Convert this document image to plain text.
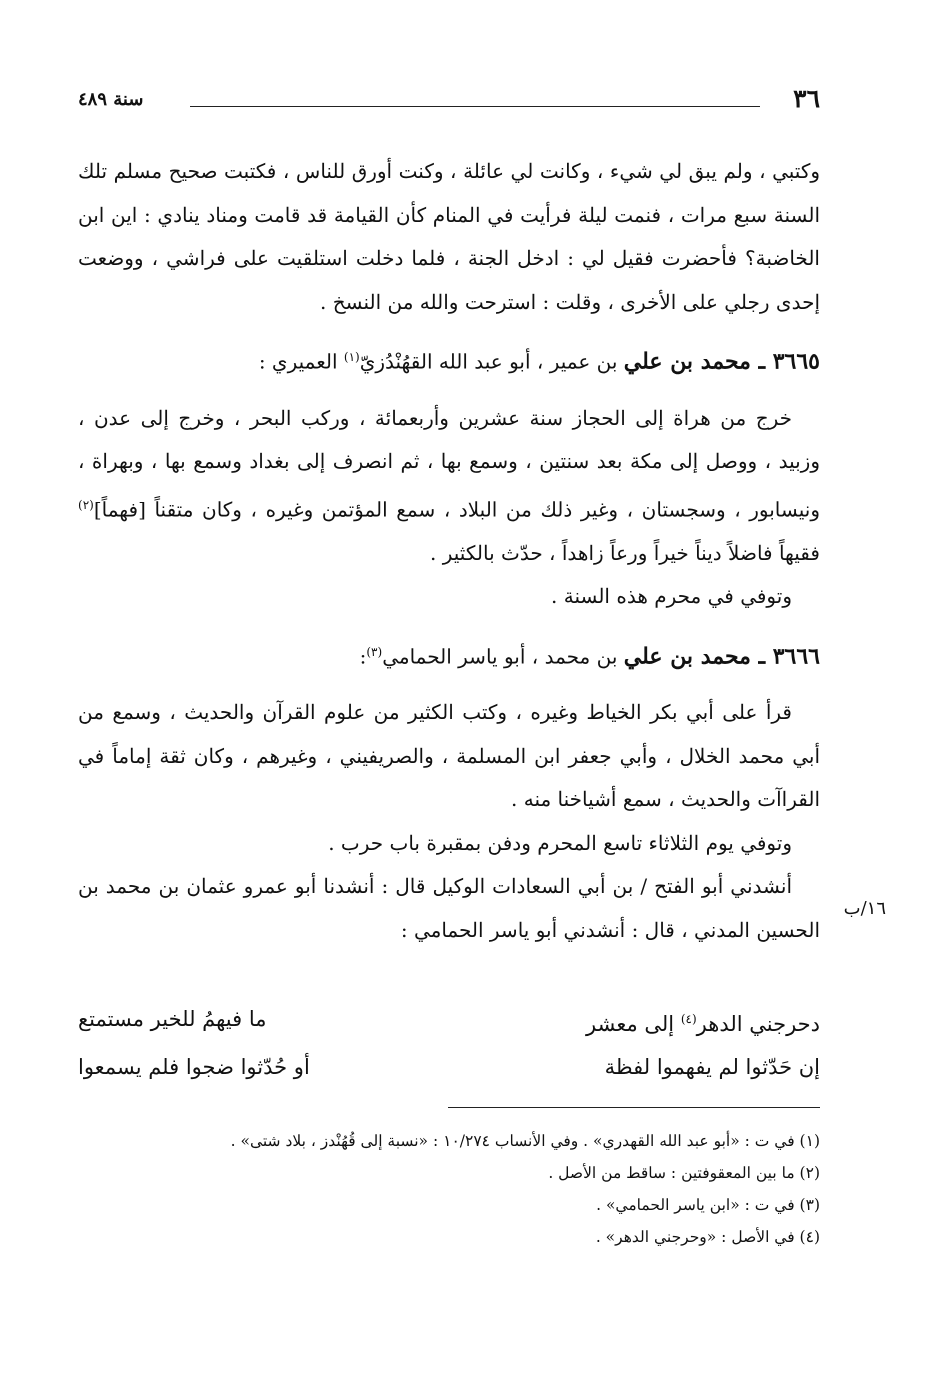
٣٦
سنة ٤٨٩

وكتبي ، ولم يبق لي شيء ، وكانت لي عائلة ، وكنت أورق للناس ، فكتبت صحيح مسلم تلك السنة سبع مرات ، فنمت ليلة فرأيت في المنام كأن القيامة قد قامت ومناد ينادي : اين ابن الخاضبة؟ فأحضرت فقيل لي : ادخل الجنة ، فلما دخلت استلقيت على فراشي ، ووضعت إحدى رجلي على الأخرى ، وقلت : استرحت والله من النسخ .

٣٦٦٥ ـ محمد بن علي بن عمير ، أبو عبد الله القهُنْدُزيّ$^{(١)}$ العميري :

خرج من هراة إلى الحجاز سنة عشرين وأربعمائة ، وركب البحر ، وخرج إلى عدن ، وزبيد ، ووصل إلى مكة بعد سنتين ، وسمع بها ، ثم انصرف إلى بغداد وسمع بها ، وبهراة ، ونيسابور ، وسجستان ، وغير ذلك من البلاد ، سمع المؤتمن وغيره ، وكان متقناً [فهماً]$^{(٢)}$ فقيهاً فاضلاً ديناً خيراً ورعاً زاهداً ، حدّث بالكثير .

وتوفي في محرم هذه السنة .

٣٦٦٦ ـ محمد بن علي بن محمد ، أبو ياسر الحمامي$^{(٣)}$:

قرأ على أبي بكر الخياط وغيره ، وكتب الكثير من علوم القرآن والحديث ، وسمع من أبي محمد الخلال ، وأبي جعفر ابن المسلمة ، والصريفيني ، وغيرهم ، وكان ثقة إماماً في القراآت والحديث ، سمع أشياخنا منه .

وتوفي يوم الثلاثاء تاسع المحرم ودفن بمقبرة باب حرب .

أنشدني أبو الفتح / بن أبي السعادات الوكيل قال : أنشدنا أبو عمرو عثمان بن محمد بن الحسين المدني ، قال : أنشدني أبو ياسر الحمامي :

١٦/ب
دحرجني الدهر$^{(٤)}$ إلى معشر
ما فيهمُ للخير مستمتع
إن حَدّثوا لم يفهموا لفظة
أو حُدّثوا ضجوا فلم يسمعوا

(١) في ت : «أبو عبد الله القهدري» . وفي الأنساب ١٠/٢٧٤ : «نسبة إلى قُهُنْدز ، بلاد شتى» .

(٢) ما بين المعقوفتين : ساقط من الأصل .

(٣) في ت : «ابن ياسر الحمامي» .

(٤) في الأصل : «وحرجني الدهر» .
